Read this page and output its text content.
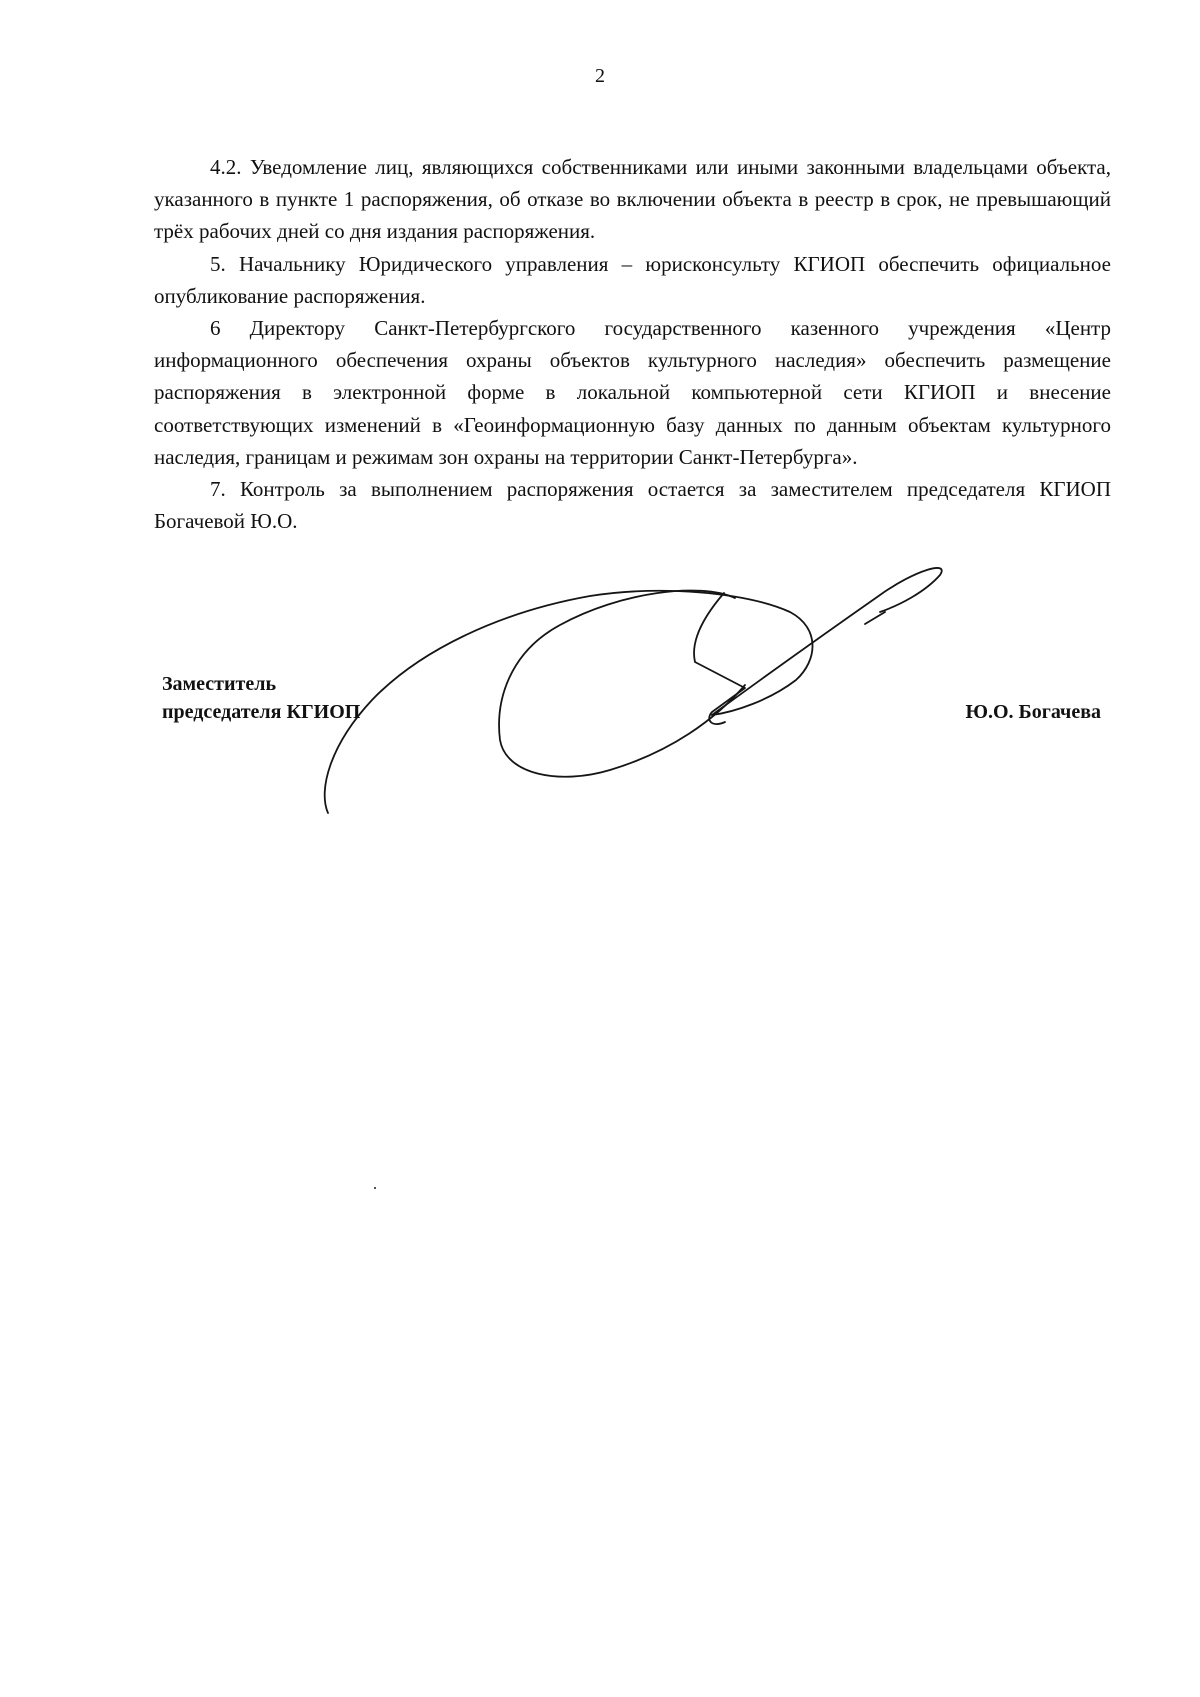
2

4.2. Уведомление лиц, являющихся собственниками или иными законными владельцами объекта, указанного в пункте 1 распоряжения, об отказе во включении объекта в реестр в срок, не превышающий трёх рабочих дней со дня издания распоряжения.

5. Начальнику Юридического управления – юрисконсульту КГИОП обеспечить официальное опубликование распоряжения.

6 Директору Санкт-Петербургского государственного казенного учреждения «Центр информационного обеспечения охраны объектов культурного наследия» обеспечить размещение распоряжения в электронной форме в локальной компьютерной сети КГИОП и внесение соответствующих изменений в «Геоинформационную базу данных по данным объектам культурного наследия, границам и режимам зон охраны на территории Санкт-Петербурга».

7. Контроль за выполнением распоряжения остается за заместителем председателя КГИОП Богачевой Ю.О.

Заместитель
председателя КГИОП	Ю.О. Богачева
